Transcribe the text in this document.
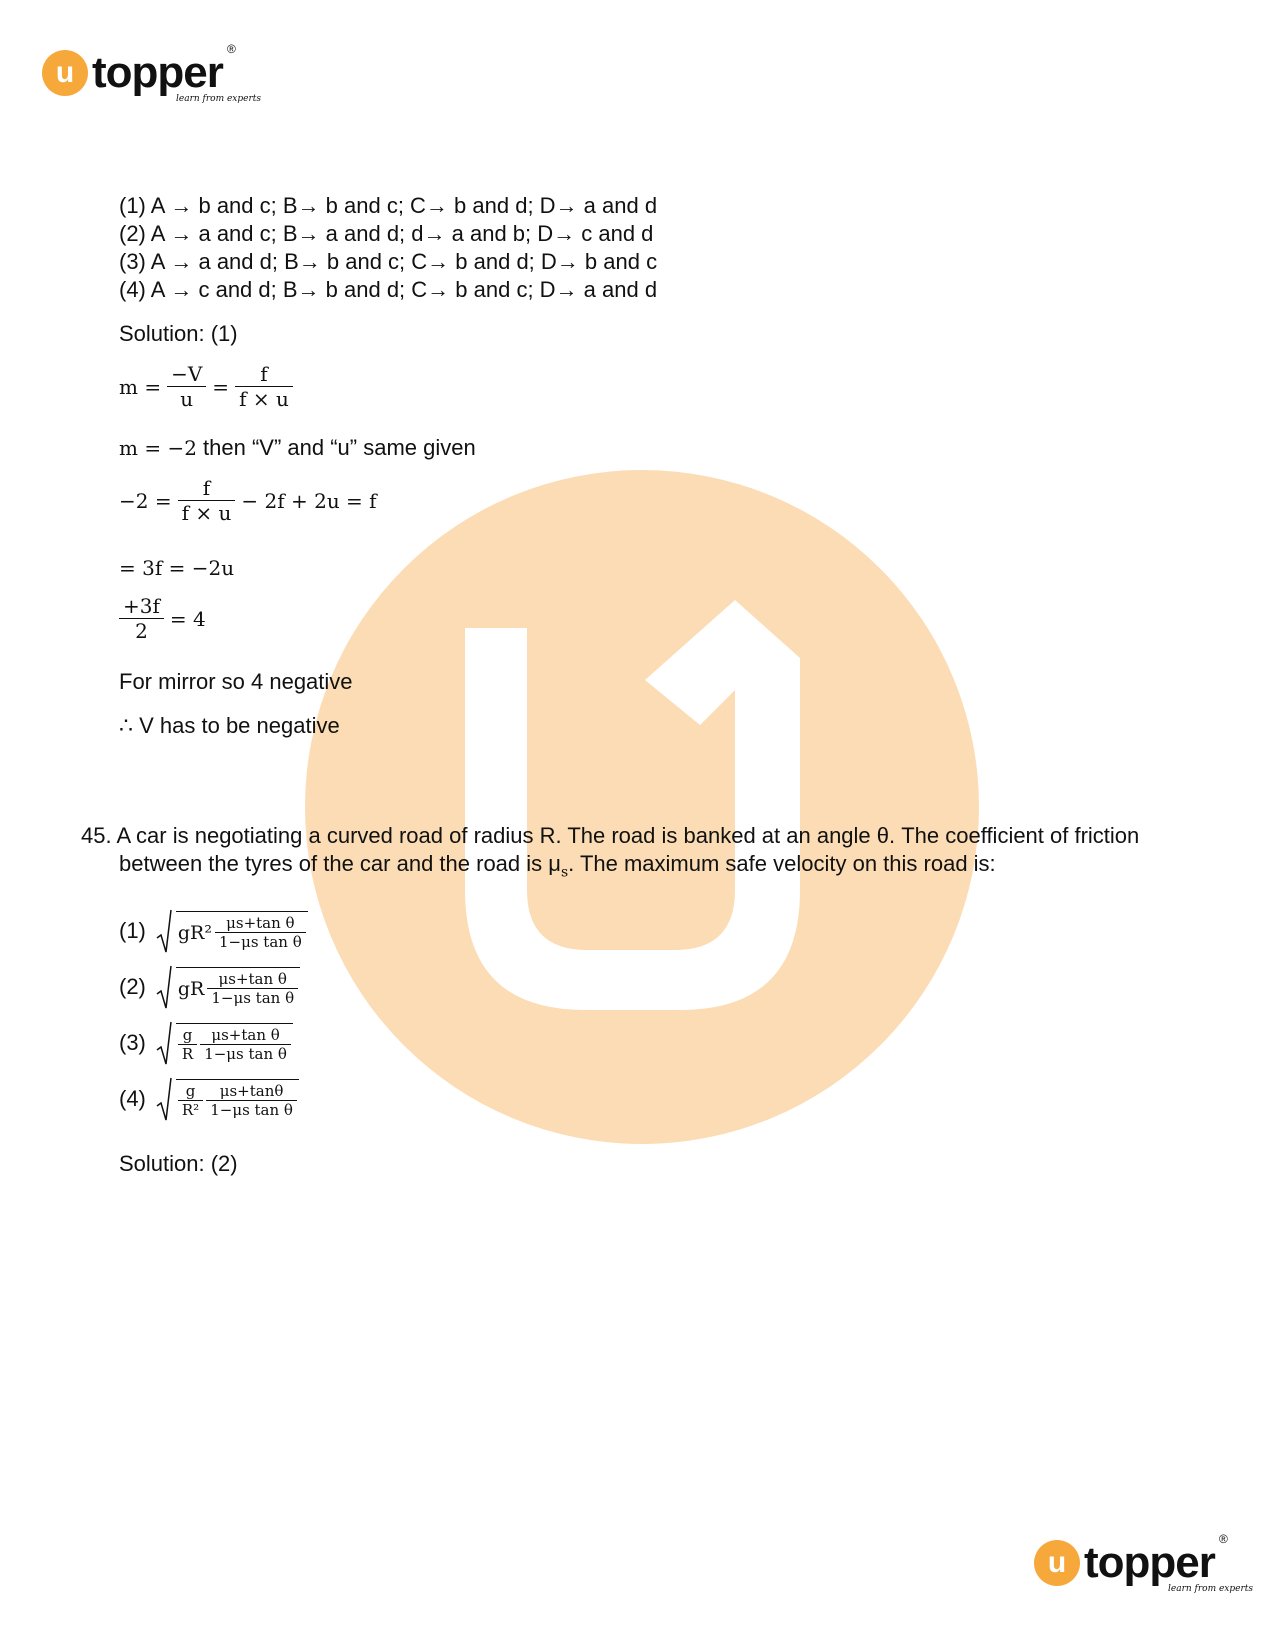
u topper ®
learn from experts
(1) A → b and c; B→ b and c; C→ b and d; D→ a and d
(2) A → a and c; B→ a and d; d→ a and b; D→ c and d
(3) A → a and d; B→ b and c; C→ b and d; D→ b and c
(4) A → c and d; B→ b and d; C→ b and c; D→ a and d
Solution: (1)
$m = \frac{-V}{u} = \frac{f}{f \times u}$
m = −2 then “V” and “u” same given
$-2 = \frac{f}{f \times u} - 2f + 2u = f$
= 3f = −2u
$\frac{+3f}{2} = 4$
For mirror so 4 negative
∴ V has to be negative
45. A car is negotiating a curved road of radius R. The road is banked at an angle θ. The coefficient of friction
between the tyres of the car and the road is $\mu_s$. The maximum safe velocity on this road is:
(1) $gR^2 \frac{\text{μs+tan θ}}{\text{1−μs tan θ}}$
(2) gR $\frac{\text{μs+tan θ}}{\text{1−μs tan θ}}$
$(3) \frac{g}{R} \frac{\text{μs+tan θ}}{\text{1−μs tan θ}}$
$(4) \frac{g}{\text{R²}} \frac{\mu s+\tan\theta}{\text{1−μs tan θ}}$
Solution: (2)
u topper ®
learn from experts
